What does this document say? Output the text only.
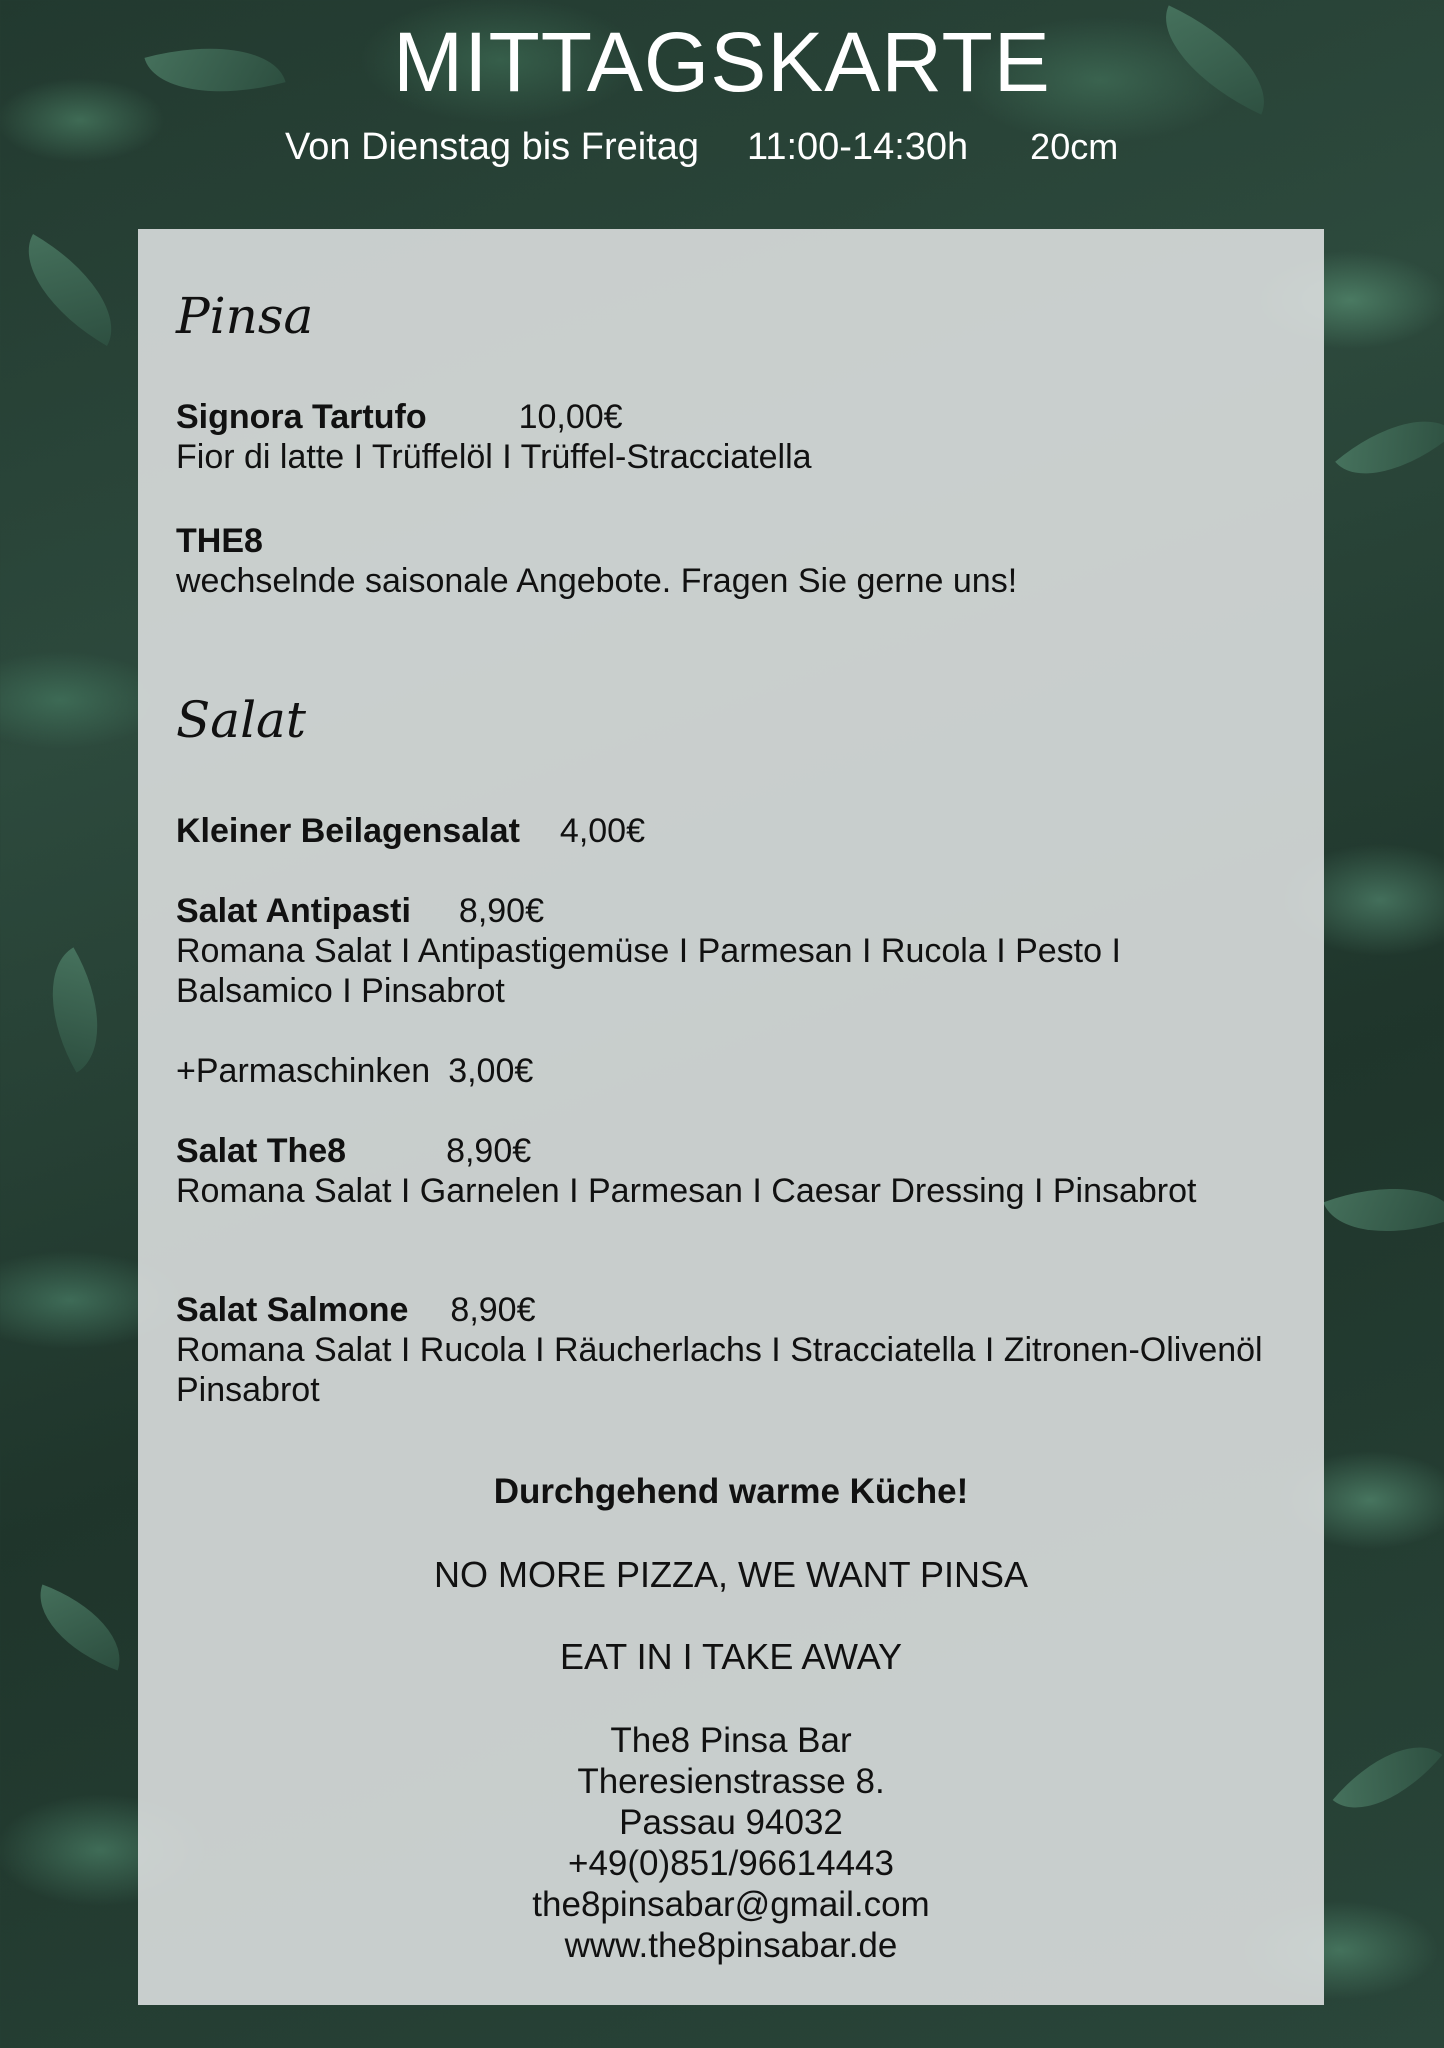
MITTAGSKARTE
Von Dienstag bis Freitag 11:00-14:30h 20cm
Pinsa
Signora Tartufo	10,00€
Fior di latte I Trüffelöl I Trüffel-Stracciatella
THE8
wechselnde saisonale Angebote. Fragen Sie gerne uns!
Salat
Kleiner Beilagensalat 4,00€
Salat Antipasti 8,90€
Romana Salat I Antipastigemüse I Parmesan I Rucola I Pesto I
Balsamico I Pinsabrot
+Parmaschinken 3,00€
Salat The8	8,90€
Romana Salat I Garnelen I Parmesan I Caesar Dressing I Pinsabrot
Salat Salmone 8,90€
Romana Salat I Rucola I Räucherlachs I Stracciatella I Zitronen-Olivenöl
Pinsabrot
Durchgehend warme Küche!
NO MORE PIZZA, WE WANT PINSA
EAT IN I TAKE AWAY
The8 Pinsa Bar
Theresienstrasse 8.
Passau 94032
+49(0)851/96614443
the8pinsabar@gmail.com
www.the8pinsabar.de
